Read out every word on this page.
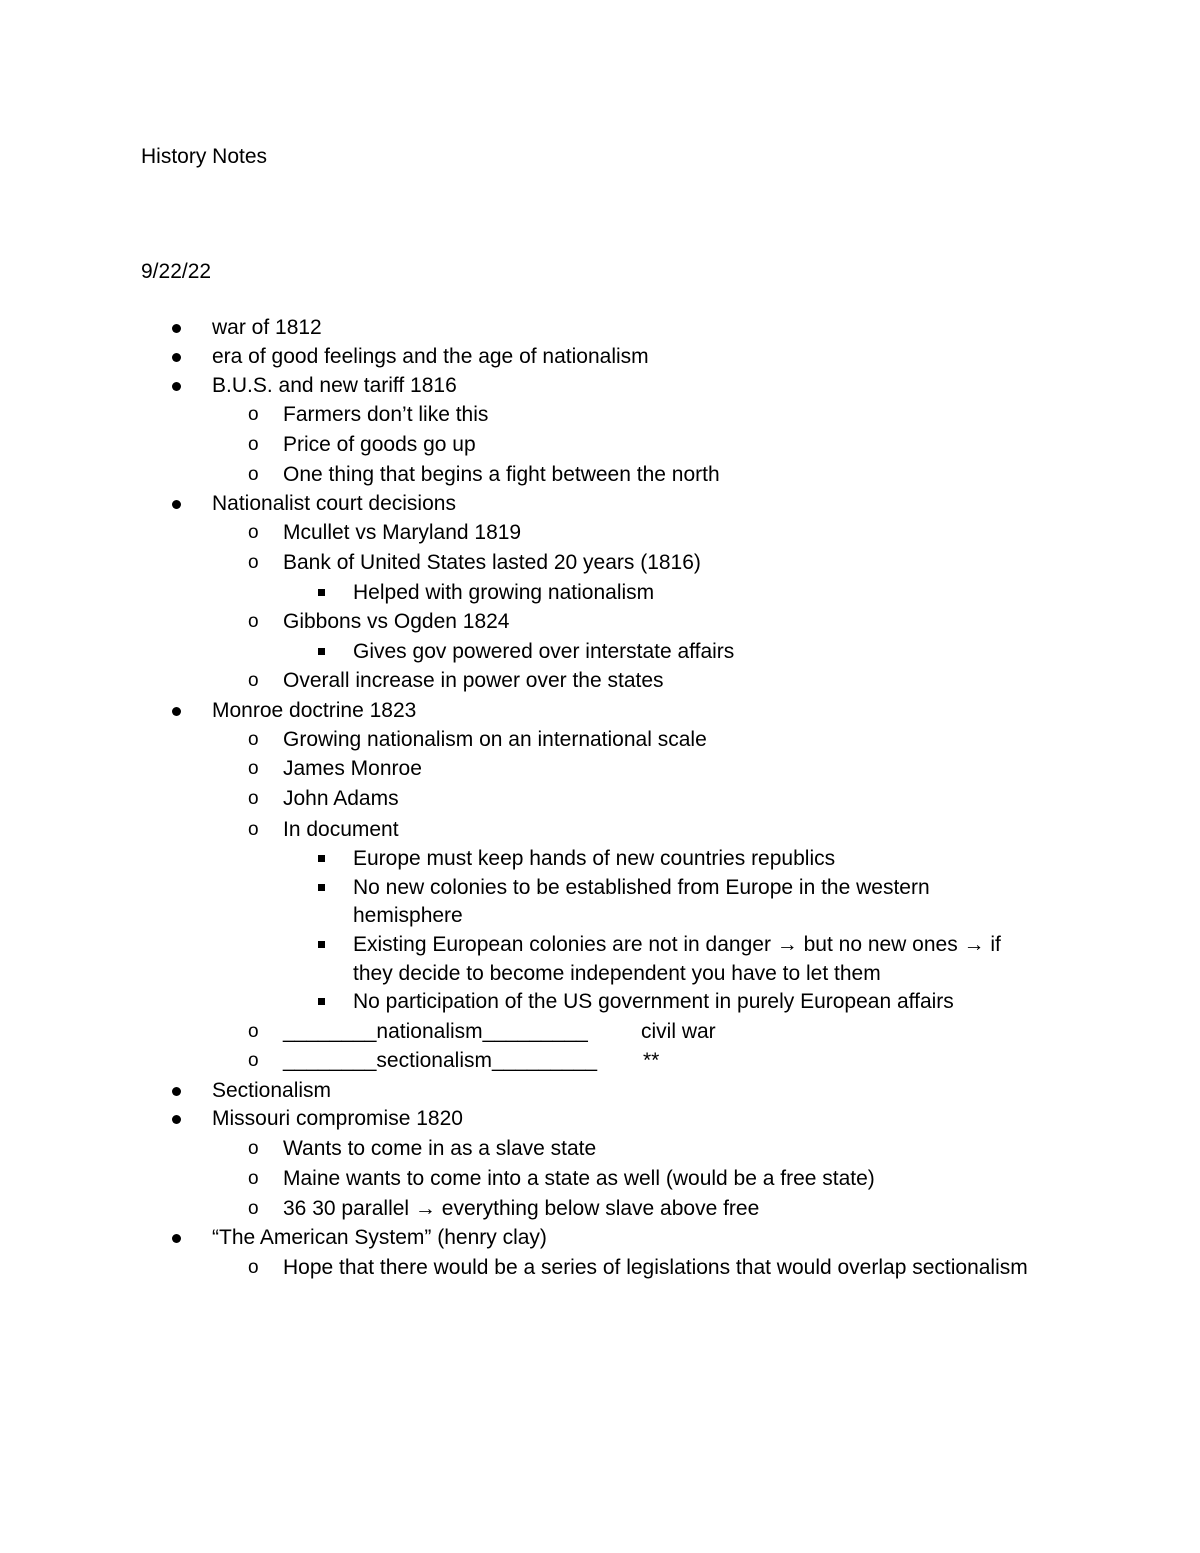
History Notes
9/22/22
war of 1812
era of good feelings and the age of nationalism
B.U.S. and new tariff 1816
o Farmers don’t like this
o Price of goods go up
o One thing that begins a fight between the north
Nationalist court decisions
o Mcullet vs Maryland 1819
o Bank of United States lasted 20 years (1816)
Helped with growing nationalism
o Gibbons vs Ogden 1824
Gives gov powered over interstate affairs
o Overall increase in power over the states
Monroe doctrine 1823
o Growing nationalism on an international scale
o James Monroe
o John Adams
o In document
Europe must keep hands of new countries republics
No new colonies to be established from Europe in the western
hemisphere
Existing European colonies are not in danger → but no new ones → if
they decide to become independent you have to let them
No participation of the US government in purely European affairs
o ________nationalism_________	civil war
o ________sectionalism_________ **
Sectionalism
Missouri compromise 1820
o Wants to come in as a slave state
o Maine wants to come into a state as well (would be a free state)
o 36 30 parallel → everything below slave above free
“The American System” (henry clay)
o Hope that there would be a series of legislations that would overlap sectionalism
